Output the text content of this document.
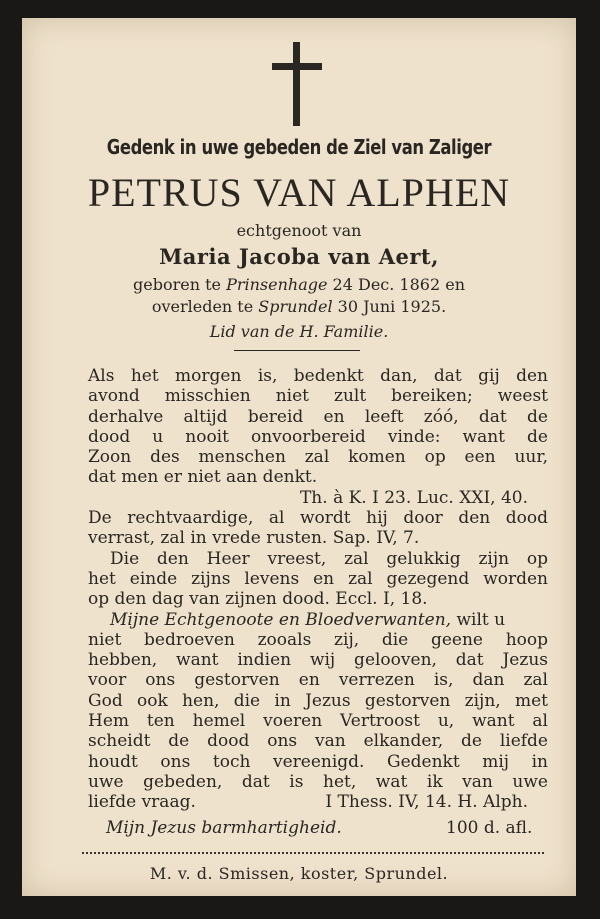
Gedenk in uwe gebeden de Ziel van Zaliger
PETRUS VAN ALPHEN
echtgenoot van
Maria Jacoba van Aert,
geboren te Prinsenhage 24 Dec. 1862 en
overleden te Sprundel 30 Juni 1925.
Lid van de H. Familie.
Als het morgen is, bedenkt dan, dat gij den
avond misschien niet zult bereiken; weest
derhalve altijd bereid en leeft zóó, dat de
dood u nooit onvoorbereid vinde: want de
Zoon des menschen zal komen op een uur,
dat men er niet aan denkt.
Th. à K. I 23. Luc. XXI, 40.
De rechtvaardige, al wordt hij door den dood
verrast, zal in vrede rusten. Sap. IV, 7.
Die den Heer vreest, zal gelukkig zijn op
het einde zijns levens en zal gezegend worden
op den dag van zijnen dood. Eccl. I, 18.
Mijne Echtgenoote en Bloedverwanten, wilt u
niet bedroeven zooals zij, die geene hoop
hebben, want indien wij gelooven, dat Jezus
voor ons gestorven en verrezen is, dan zal
God ook hen, die in Jezus gestorven zijn, met
Hem ten hemel voeren Vertroost u, want al
scheidt de dood ons van elkander, de liefde
houdt ons toch vereenigd. Gedenkt mij in
uwe gebeden, dat is het, wat ik van uwe
liefde vraag.	I Thess. IV, 14. H. Alph.
Mijn Jezus barmhartigheid.	100 d. afl.
M. v. d. Smissen, koster, Sprundel.
